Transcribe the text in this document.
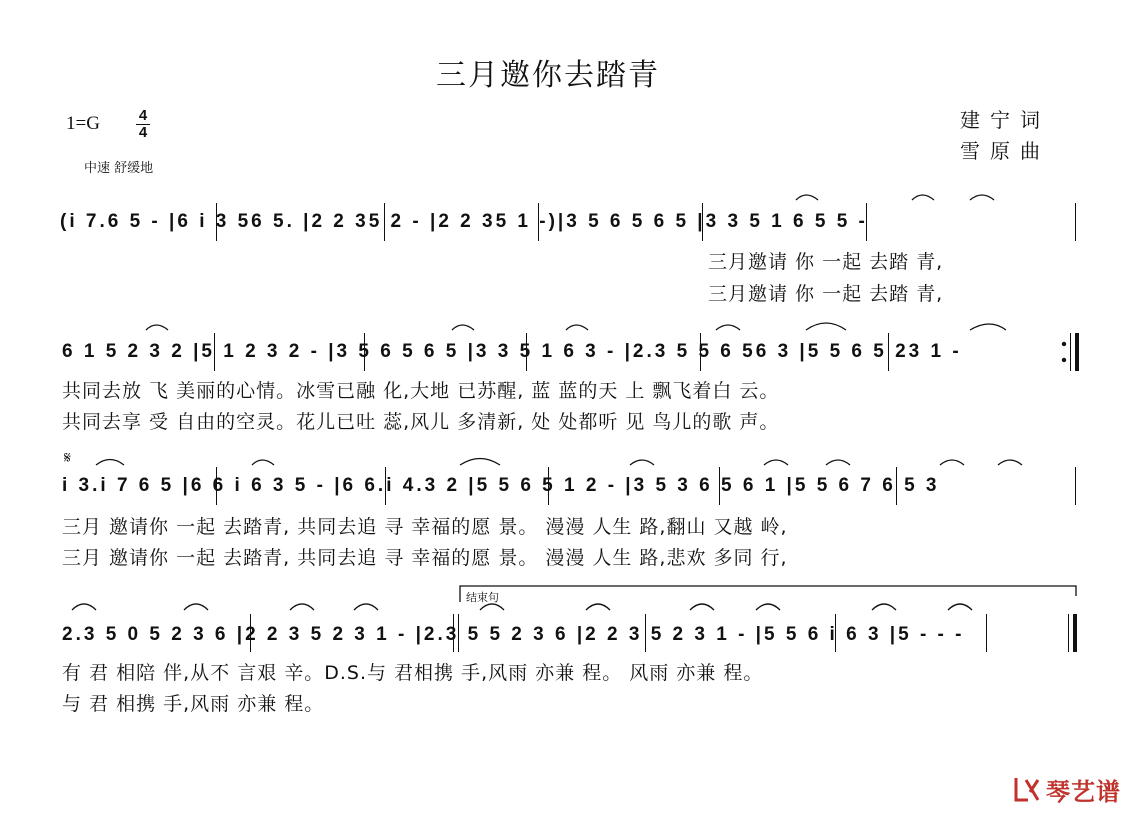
三月邀你去踏青
1=G	4
4
中速 舒缓地
建宁词
雪原曲
(i 7.6 5 - |6 i 3 56 5. |2 2 35 2 - |2 2 35 1 -)|3 5 6 5 6 5 |3 3 5 1 6 5 5 -
三月邀请 你 一起 去踏 青,
三月邀请 你 一起 去踏 青,
6 1 5 2 3 2 |5 1 2 3 2 - |3 5 6 5 6 5 |3 3 5 1 6 3 - |2.3 5 5 6 56 3 |5 5 6 5 23 1 -
共同去放 飞 美丽的心情。冰雪已融 化,大地 已苏醒, 蓝 蓝的天 上 飘飞着白 云。
共同去享 受 自由的空灵。花儿已吐 蕊,风儿 多清新, 处 处都听 见 鸟儿的歌 声。
𝄋
i 3.i 7 6 5 |6 6 i 6 3 5 - |6 6.i 4.3 2 |5 5 6 5 1 2 - |3 5 3 6 5 6 1 |5 5 6 7 6 5 3
三月 邀请你 一起 去踏青, 共同去追 寻 幸福的愿 景。 漫漫 人生 路,翻山 又越 岭,
三月 邀请你 一起 去踏青, 共同去追 寻 幸福的愿 景。 漫漫 人生 路,悲欢 多同 行,
结束句
2.3 5 0 5 2 3 6 |2 2 3 5 2 3 1 - |2.3 5 5 2 3 6 |2 2 3 5 2 3 1 - |5 5 6 i 6 3 |5 - - -
有 君 相陪 伴,从不 言艰 辛。D.S.与 君相携 手,风雨 亦兼 程。 风雨 亦兼 程。
与 君 相携 手,风雨 亦兼 程。
琴艺谱
